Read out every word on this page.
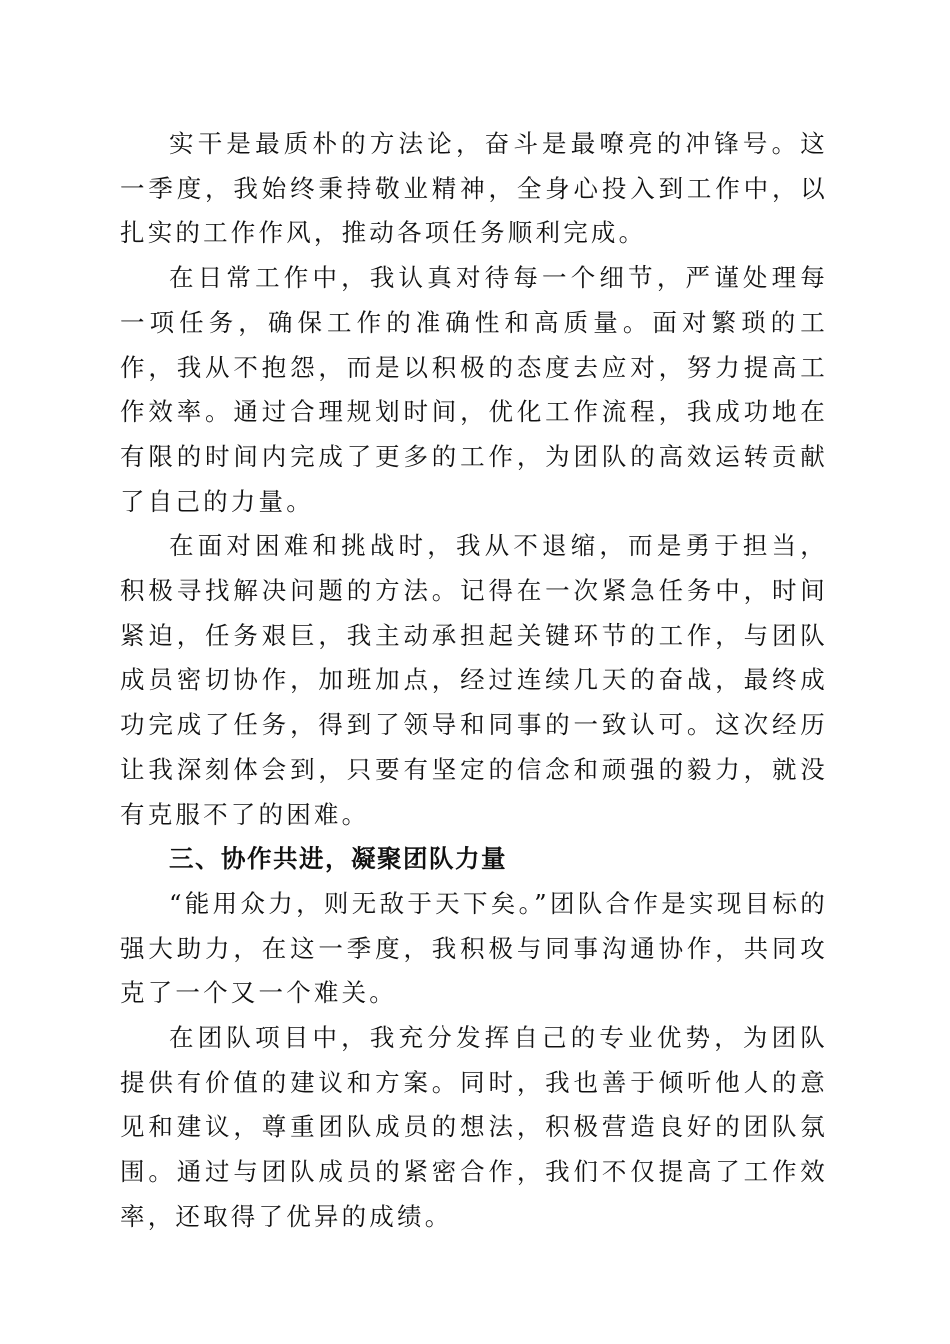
实干是最质朴的方法论，奋斗是最嘹亮的冲锋号。这一季度，我始终秉持敬业精神，全身心投入到工作中，以扎实的工作作风，推动各项任务顺利完成。

在日常工作中，我认真对待每一个细节，严谨处理每一项任务，确保工作的准确性和高质量。面对繁琐的工作，我从不抱怨，而是以积极的态度去应对，努力提高工作效率。通过合理规划时间，优化工作流程，我成功地在有限的时间内完成了更多的工作，为团队的高效运转贡献了自己的力量。

在面对困难和挑战时，我从不退缩，而是勇于担当，积极寻找解决问题的方法。记得在一次紧急任务中，时间紧迫，任务艰巨，我主动承担起关键环节的工作，与团队成员密切协作，加班加点，经过连续几天的奋战，最终成功完成了任务，得到了领导和同事的一致认可。这次经历让我深刻体会到，只要有坚定的信念和顽强的毅力，就没有克服不了的困难。

三、协作共进，凝聚团队力量

“能用众力，则无敌于天下矣。”团队合作是实现目标的强大助力，在这一季度，我积极与同事沟通协作，共同攻克了一个又一个难关。

在团队项目中，我充分发挥自己的专业优势，为团队提供有价值的建议和方案。同时，我也善于倾听他人的意见和建议，尊重团队成员的想法，积极营造良好的团队氛围。通过与团队成员的紧密合作，我们不仅提高了工作效率，还取得了优异的成绩。
